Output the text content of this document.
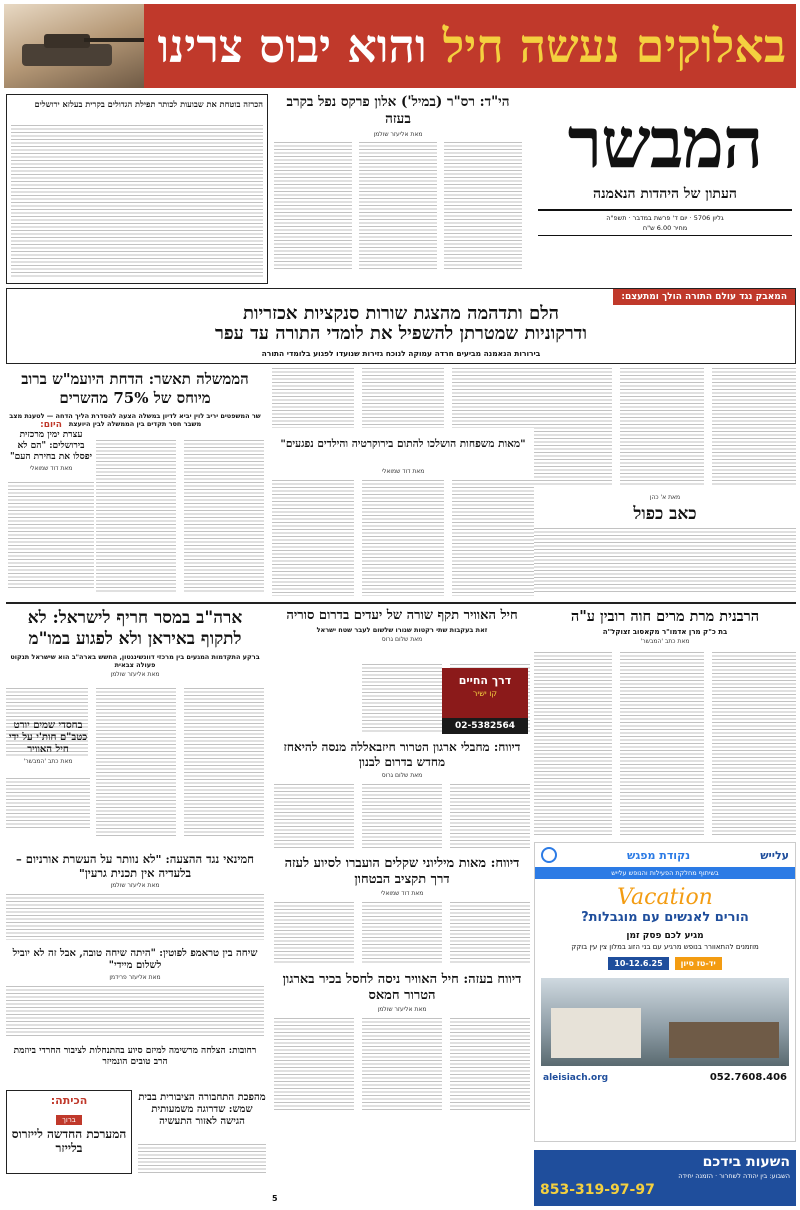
באלוקים נעשה חיל והוא יבוס צרינו
המבשר
העתון של היהדות הנאמנה
גליון 5706 · יום ד' פרשת במדבר · תשפ"ה
מחיר 6.00 ש"ח
הי"ד: רס"ר (במיל') אלון פרקס נפל בקרב בעזה
מאת אליעזר שולמן
הכרזה בוטחת את שבועות לכותר תפילת הגדולים בקרית בעלזא ירושלים
המאבק נגד עולם התורה הולך ומתעצם:
הלם ותדהמה מהצגת שורות סנקציות אכזריות
ודרקוניות שמטרתן להשפיל את לומדי התורה עד עפר
בירורות הנאמנה מביעים חרדה עמוקה לנוכח גזירות שנועדו לפגוע בלומדי התורה
הממשלה תאשר: הדחת היועמ"ש ברוב מיוחס של 75% מהשרים
שר המשפטים יריב לוין יביא לדיון במשלה הצעה להסדרת הליך הדחה — לטענת מצב משבר חסר תקדים בין הממשלה לבין היועצת
היום:
עצרת ימין מרכזית בירושלים: "הם לא יפסלו את בחירת העם"
מאת דוד שמואלי
"מאות משפחות הושלכו להתום בירוקרטיה והילדים נפגעים"
מאת דוד שמואלי
מאת א' כהן
כאב כפול
הרבנית מרת מרים חוה רובין ע"ה
בת כ"ק מרן אדמו"ר מקאסוב זצוקל"ה
מאת כתב 'המבשר'
חיל האוויר תקף שורה של יעדים בדרום סוריה
זאת בעקבות שתי רקטות שנורו שלשום לעבר שטח ישראל
מאת שלום גרוס
דרך החיים
קו ישיר
02-5382564
ארה"ב במסר חריף לישראל: לא לתקוף באיראן ולא לפגוע במו"מ
ברקע התקדמות המגעים בין מרכזי דוונשינגטון, החשש בארה"ב הוא שישראל תנקוט פעולה צבאית
מאת אליעזר שולמן
בחסדי שמים יורט כטב"ם חות'י על ידי חיל האוויר
מאת כתב 'המבשר'
דיווח: מחבלי ארגון הטרור חיזבאללה מנסה להיאחז מחדש בדרום לבנון
מאת שלום גרוס
עלייש
נקודת מפגש
בשיתוף מחלקת הפעילות והנופש עלייש
Vacation
הורים לאנשים עם מוגבלות?
מגיע לכם פסק זמן
מוזמנים להתאוורר בנופש מרגיע עם בני הזוג במלון צין עין בוקק
יד-טז סיון
10-12.6.25
052.7608.406
aleisiach.org
חמינאי נגד ההצעה: "לא נוותר על העשרת אורניום – בלעדיה אין תכנית גרעין"
מאת אליעזר שולמן
דיווח: מאות מיליוני שקלים הועברו לסיוע לעזה דרך תקציב הבטחון
מאת דוד שמואלי
שיחה בין טראמפ לפוטין: "היתה שיחה טובה, אבל זה לא יוביל לשלום מיידי"
מאת אליעזר פרידמן	דיווח בעזה: חיל האוויר ניסה לחסל בכיר בארגון הטרור חמאס
מאת אליעזר שולמן
רחובות: הצלחה מרשימה למיזם סיוע בהתנחלות לציבור החרדי ביוזמת הרב טובים הונמיזר
הכיתה:
ברוך
המערכת החדשה לייזרוס בלייזר
מהפכת התחבורה הציבורית בבית שמש: שדרוגה משמעותית הגישה לאזור התעשיה
השעות בידכם
השבוע: בין יהודה לשחרור · הזמנה יחידה
853-319-97-97
5
